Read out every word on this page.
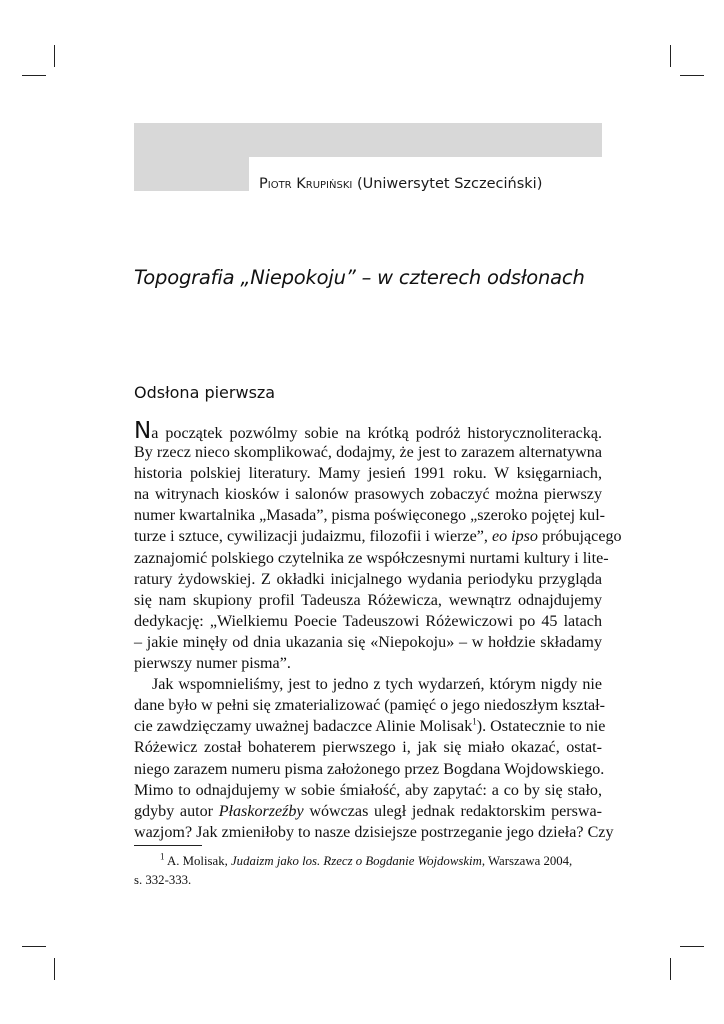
Piotr Krupiński (Uniwersytet Szczeciński)
Topografia „Niepokoju” – w czterech odsłonach
Odsłona pierwsza
Na początek pozwólmy sobie na krótką podróż historycznoliteracką.
By rzecz nieco skomplikować, dodajmy, że jest to zarazem alternatywna
historia polskiej literatury. Mamy jesień 1991 roku. W księgarniach,
na witrynach kiosków i salonów prasowych zobaczyć można pierwszy
numer kwartalnika „Masada”, pisma poświęconego „szeroko pojętej kul-
turze i sztuce, cywilizacji judaizmu, filozofii i wierze”, eo ipso próbującego
zaznajomić polskiego czytelnika ze współczesnymi nurtami kultury i lite-
ratury żydowskiej. Z okładki inicjalnego wydania periodyku przygląda
się nam skupiony profil Tadeusza Różewicza, wewnątrz odnajdujemy
dedykację: „Wielkiemu Poecie Tadeuszowi Różewiczowi po 45 latach
– jakie minęły od dnia ukazania się «Niepokoju» – w hołdzie składamy
pierwszy numer pisma”.
Jak wspomnieliśmy, jest to jedno z tych wydarzeń, którym nigdy nie
dane było w pełni się zmaterializować (pamięć o jego niedoszłym kształ-
cie zawdzięczamy uważnej badaczce Alinie Molisak$^1$). Ostatecznie to nie
Różewicz został bohaterem pierwszego i, jak się miało okazać, ostat-
niego zarazem numeru pisma założonego przez Bogdana Wojdowskiego.
Mimo to odnajdujemy w sobie śmiałość, aby zapytać: a co by się stało,
gdyby autor Płaskorzeźby wówczas uległ jednak redaktorskim perswa-
wazjom? Jak zmieniłoby to nasze dzisiejsze postrzeganie jego dzieła? Czy
$^1$ A. Molisak, Judaizm jako los. Rzecz o Bogdanie Wojdowskim, Warszawa 2004,
s. 332-333.
